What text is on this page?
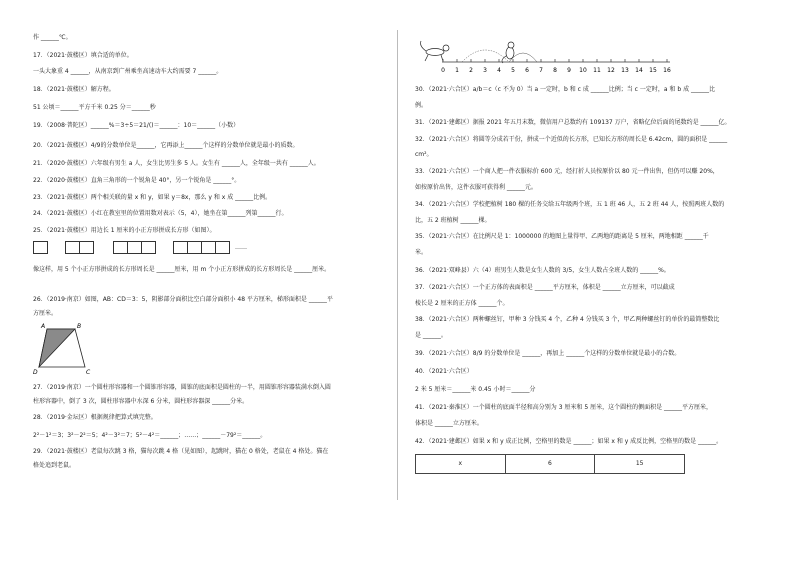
作 ______℃。
17．（2021·鼓楼区）填合适的单位。
一头大象重 4 ______，从南京到广州乘坐高速动车大约需要 7 ______。
18．（2021·鼓楼区）解方程。
51 公顷＝______平方千米 0.25 分＝______秒
19．（2008·普陀区）______%＝3÷5＝21/()＝______：10＝______（小数）
20．（2021·鼓楼区）4/9的分数单位是______，它再添上______个这样的分数单位就是最小的质数。
21．（2020·鼓楼区）六年级有男生 a 人，女生比男生多 5 人。女生有 ______人，全年级一共有 ______人。
22．（2020·鼓楼区）直角三角形的一个锐角是 40°，另一个锐角是 ______°。
23．（2021·鼓楼区）两个相关联的量 x 和 y，如果 y＝8x，那么 y 和 x 成 ______比例。
24．（2021·鼓楼区）小红在教室里的位置用数对表示（5，4），她坐在第______列第______行。
25．（2021·鼓楼区）用边长 1 厘米的小正方形拼成长方形（如图）。
……
像这样，用 5 个小正方形拼成的长方形周长是 ______厘米，用 m 个小正方形拼成的长方形周长是 ______厘米。
26．（2019·南京）如图，AB：CD＝3：5，阴影部分面积比空白部分面积小 48 平方厘米，梯形面积是 ______平
方厘米。
A	B
C
D
27．（2019·南京）一个圆柱形容器和一个圆锥形容器，圆锥的底面积是圆柱的一半，用圆锥形容器装满水倒入圆
柱形容器中，倒了 3 次，圆柱形容器中水深 6 分米，圆柱形容器深 ______分米。
28．（2019·金坛区）根据规律把算式填完整。
2²－1²＝3；3²－2²＝5；4²－3²＝7；5²－4²＝______；……；______－79²＝______。
29．（2021·鼓楼区）老鼠每次跳 3 格，猫每次跳 4 格（见如图），起跳时，猫在 0 格处，老鼠在 4 格处。猫在
格处追到老鼠。
0 1 2 3 4 5 6 7 8 9 10 11 12 13 14 15 16
30．（2021·六合区）a/b＝c（c 不为 0）当 a 一定时，b 和 c 成 ______比例；当 c 一定时，a 和 b 成 ______比
例。
31．（2021·建邺区）据报 2021 年五月末数，微信用户总数约有 109137 万户，省略亿位后面的尾数约是 ______亿。
32．（2021·六合区）将圆等分成若干份，拼成一个近似的长方形，已知长方形的周长是 6.42cm，圆的面积是 ______
cm²。
33．（2021·六合区）一个商人把一件衣服标价 600 元，经打折人员按原价以 80 元一件出售，但仍可以赚 20%，
如按原价出售，这件衣服可获得利 ______元。
34．（2021·六合区）学校把植树 180 棵的任务交给五年级两个班，五 1 班 46 人，五 2 班 44 人，按照两班人数的
比，五 2 班植树 ______棵。
35．（2021·六合区）在比例尺是 1：1000000 的地图上量得甲、乙两地的距离是 5 厘米，两地相距 ______千
米。
36．（2021·双峰县）六（4）班男生人数是女生人数的 3/5，女生人数占全班人数的 ______%。
37．（2021·六合区）一个正方体的表面积是 ______平方厘米，体积是 ______立方厘米，可以截成
棱长是 2 厘米的正方体 ______个。
38．（2021·六合区）两种螺丝钉，甲种 3 分钱买 4 个，乙种 4 分钱买 3 个，甲乙两种螺丝钉的单价的最简整数比
是 ______。
39．（2021·六合区）8/9 的分数单位是 ______，再加上 ______个这样的分数单位就是最小的合数。
40．（2021·六合区）
2 米 5 厘米＝______米 0.45 小时＝______分
41．（2021·秦淮区）一个圆柱的底面半径和高分别为 3 厘米和 5 厘米，这个圆柱的侧面积是 ______平方厘米，
体积是 ______立方厘米。
42．（2021·建邺区）如果 x 和 y 成正比例，空格里的数是 ______；如果 x 和 y 成反比例，空格里的数是 ______。
x	6	15
